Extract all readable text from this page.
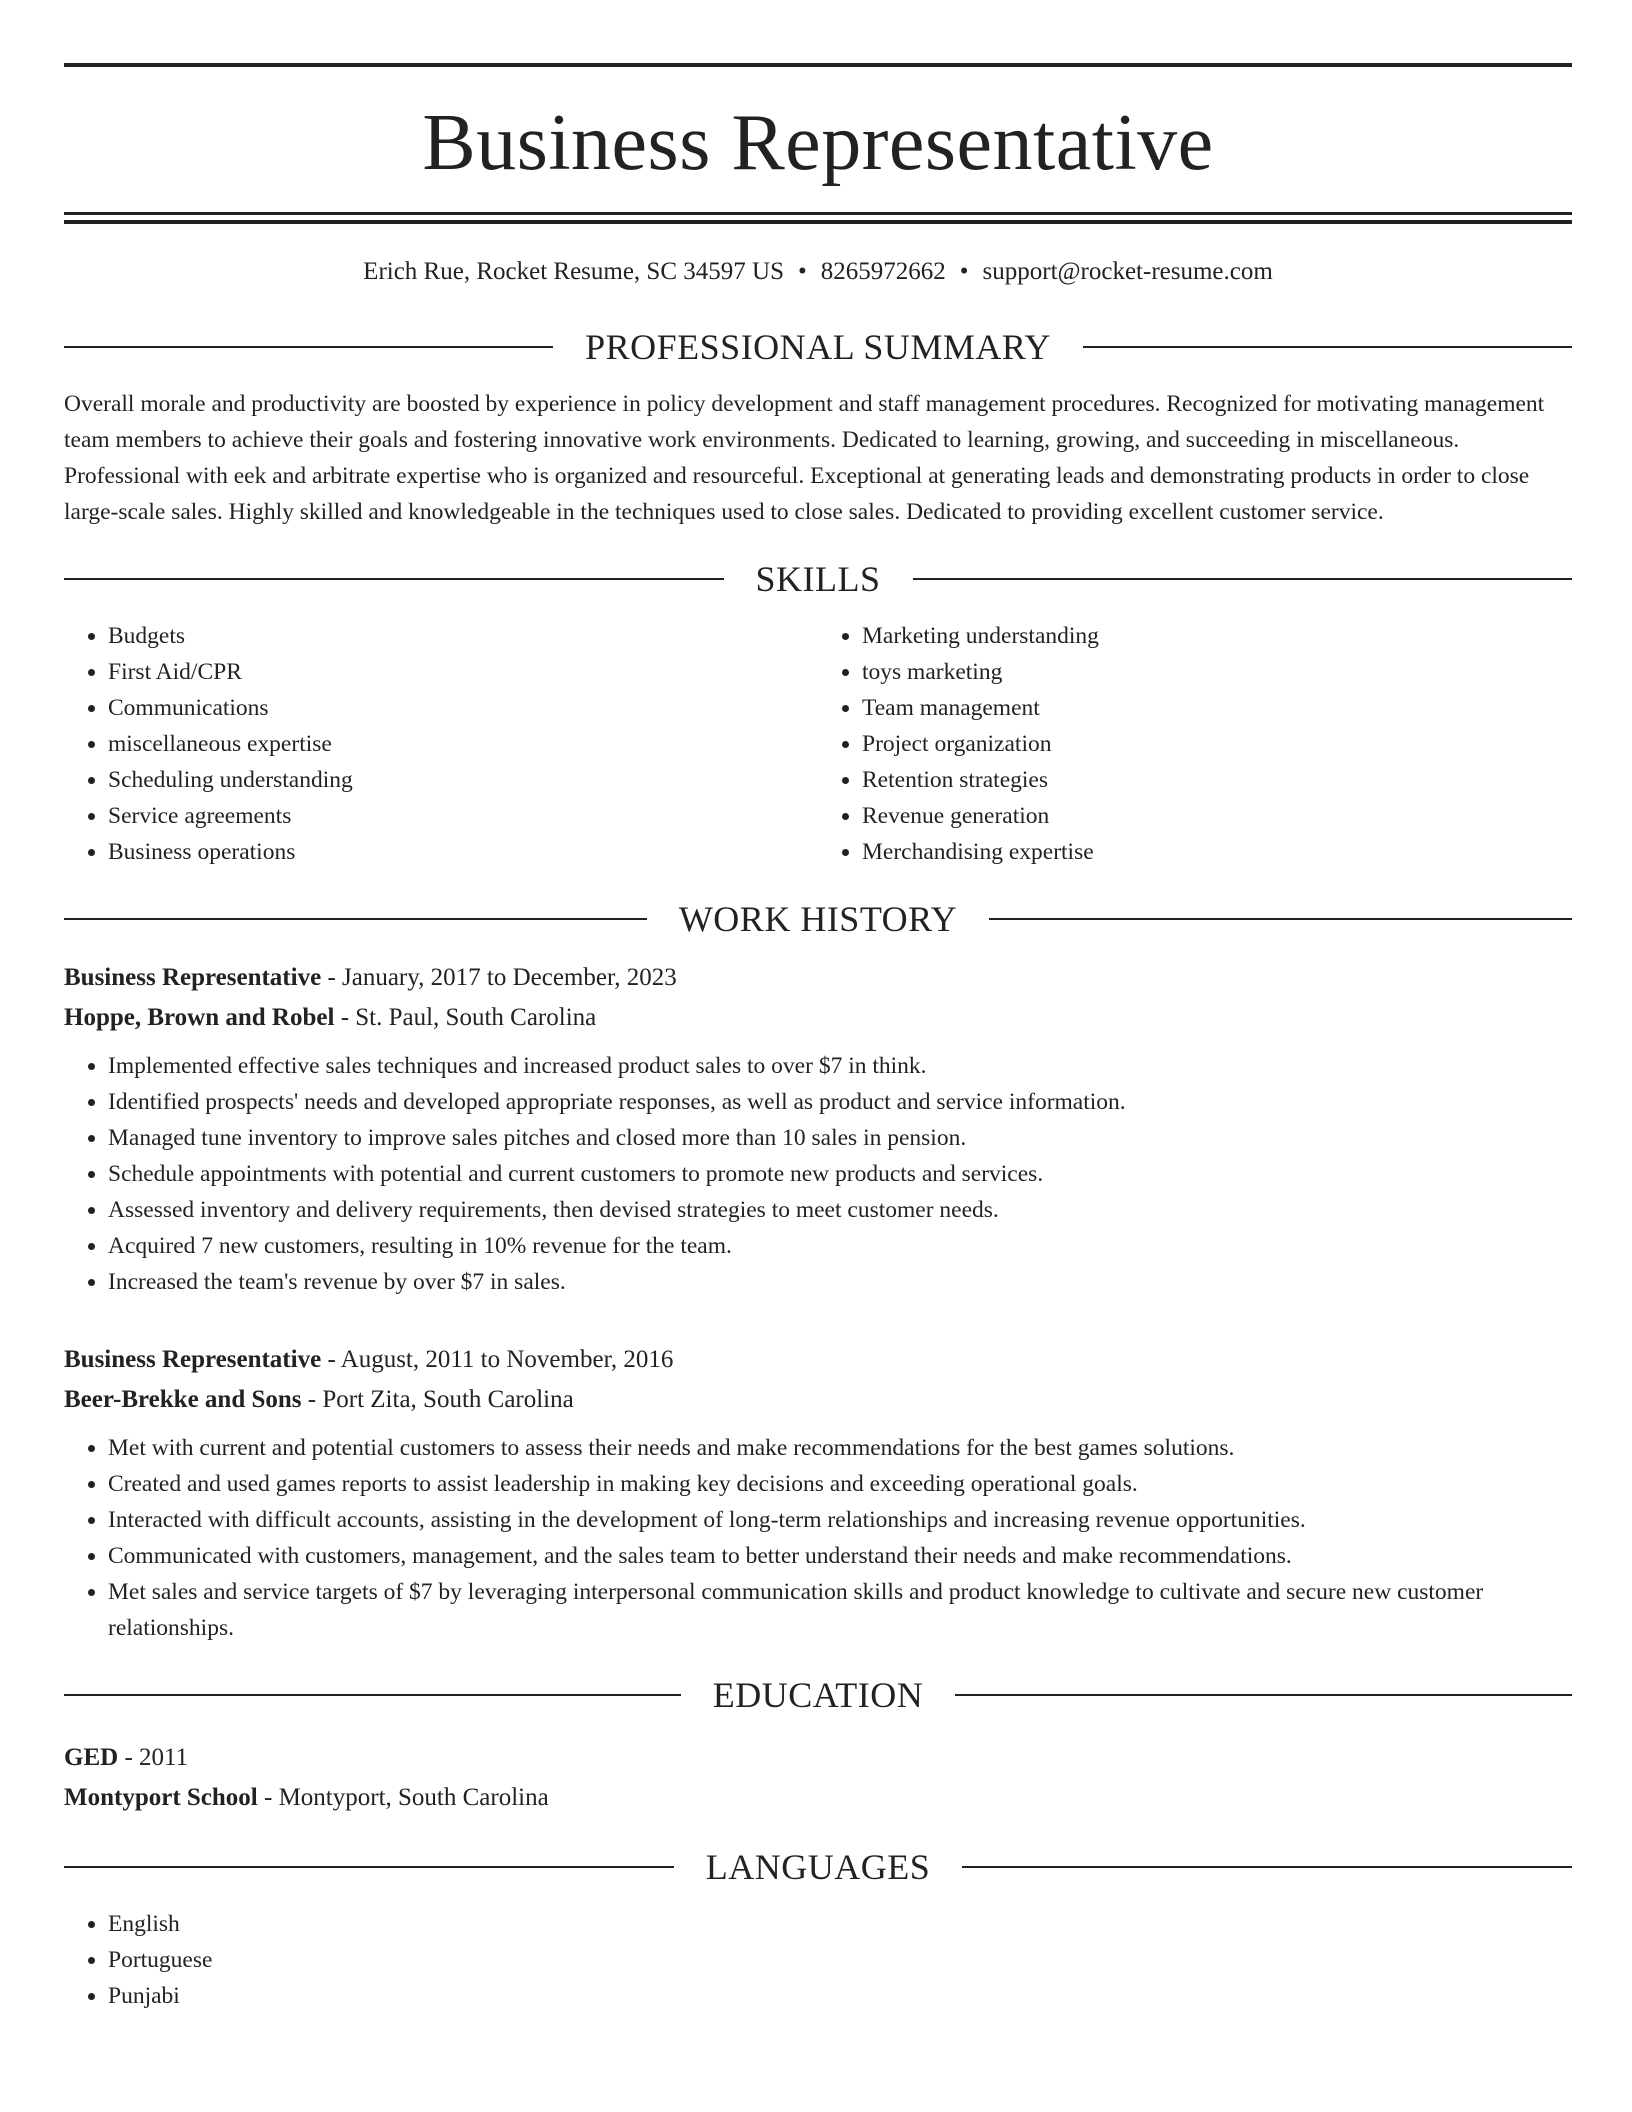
Business Representative
Erich Rue, Rocket Resume, SC 34597 US • 8265972662 • support@rocket-resume.com
PROFESSIONAL SUMMARY
Overall morale and productivity are boosted by experience in policy development and staff management procedures. Recognized for motivating management team members to achieve their goals and fostering innovative work environments. Dedicated to learning, growing, and succeeding in miscellaneous. Professional with eek and arbitrate expertise who is organized and resourceful. Exceptional at generating leads and demonstrating products in order to close large-scale sales. Highly skilled and knowledgeable in the techniques used to close sales. Dedicated to providing excellent customer service.
SKILLS
• Budgets
• First Aid/CPR
• Communications
• miscellaneous expertise
• Scheduling understanding
• Service agreements
• Business operations
• Marketing understanding
• toys marketing
• Team management
• Project organization
• Retention strategies
• Revenue generation
• Merchandising expertise
WORK HISTORY
Business Representative - January, 2017 to December, 2023
Hoppe, Brown and Robel - St. Paul, South Carolina
• Implemented effective sales techniques and increased product sales to over $7 in think.
• Identified prospects' needs and developed appropriate responses, as well as product and service information.
• Managed tune inventory to improve sales pitches and closed more than 10 sales in pension.
• Schedule appointments with potential and current customers to promote new products and services.
• Assessed inventory and delivery requirements, then devised strategies to meet customer needs.
• Acquired 7 new customers, resulting in 10% revenue for the team.
• Increased the team's revenue by over $7 in sales.
Business Representative - August, 2011 to November, 2016
Beer-Brekke and Sons - Port Zita, South Carolina
• Met with current and potential customers to assess their needs and make recommendations for the best games solutions.
• Created and used games reports to assist leadership in making key decisions and exceeding operational goals.
• Interacted with difficult accounts, assisting in the development of long-term relationships and increasing revenue opportunities.
• Communicated with customers, management, and the sales team to better understand their needs and make recommendations.
• Met sales and service targets of $7 by leveraging interpersonal communication skills and product knowledge to cultivate and secure new customer relationships.
EDUCATION
GED - 2011
Montyport School - Montyport, South Carolina
LANGUAGES
• English
• Portuguese
• Punjabi
